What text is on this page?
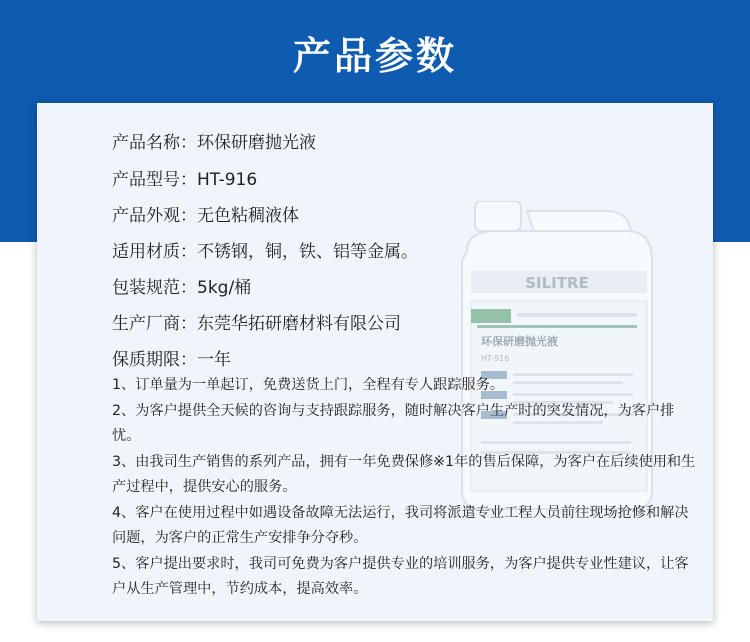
产品参数
SILITRE
环保研磨抛光液
HT-916
产品名称：环保研磨抛光液
产品型号：HT-916
产品外观：无色粘稠液体
适用材质：不锈钢，铜，铁、铝等金属。
包装规范：5kg/桶
生产厂商：东莞华拓研磨材料有限公司
保质期限：一年

1、订单量为一单起订，免费送货上门，全程有专人跟踪服务。

2、为客户提供全天候的咨询与支持跟踪服务，随时解决客户生产时的突发情况，为客户排忧。

3、由我司生产销售的系列产品，拥有一年免费保修※1年的售后保障，为客户在后续使用和生产过程中，提供安心的服务。

4、客户在使用过程中如遇设备故障无法运行，我司将派遣专业工程人员前往现场抢修和解决问题，为客户的正常生产安排争分夺秒。

5、客户提出要求时，我司可免费为客户提供专业的培训服务，为客户提供专业性建议，让客户从生产管理中，节约成本，提高效率。
